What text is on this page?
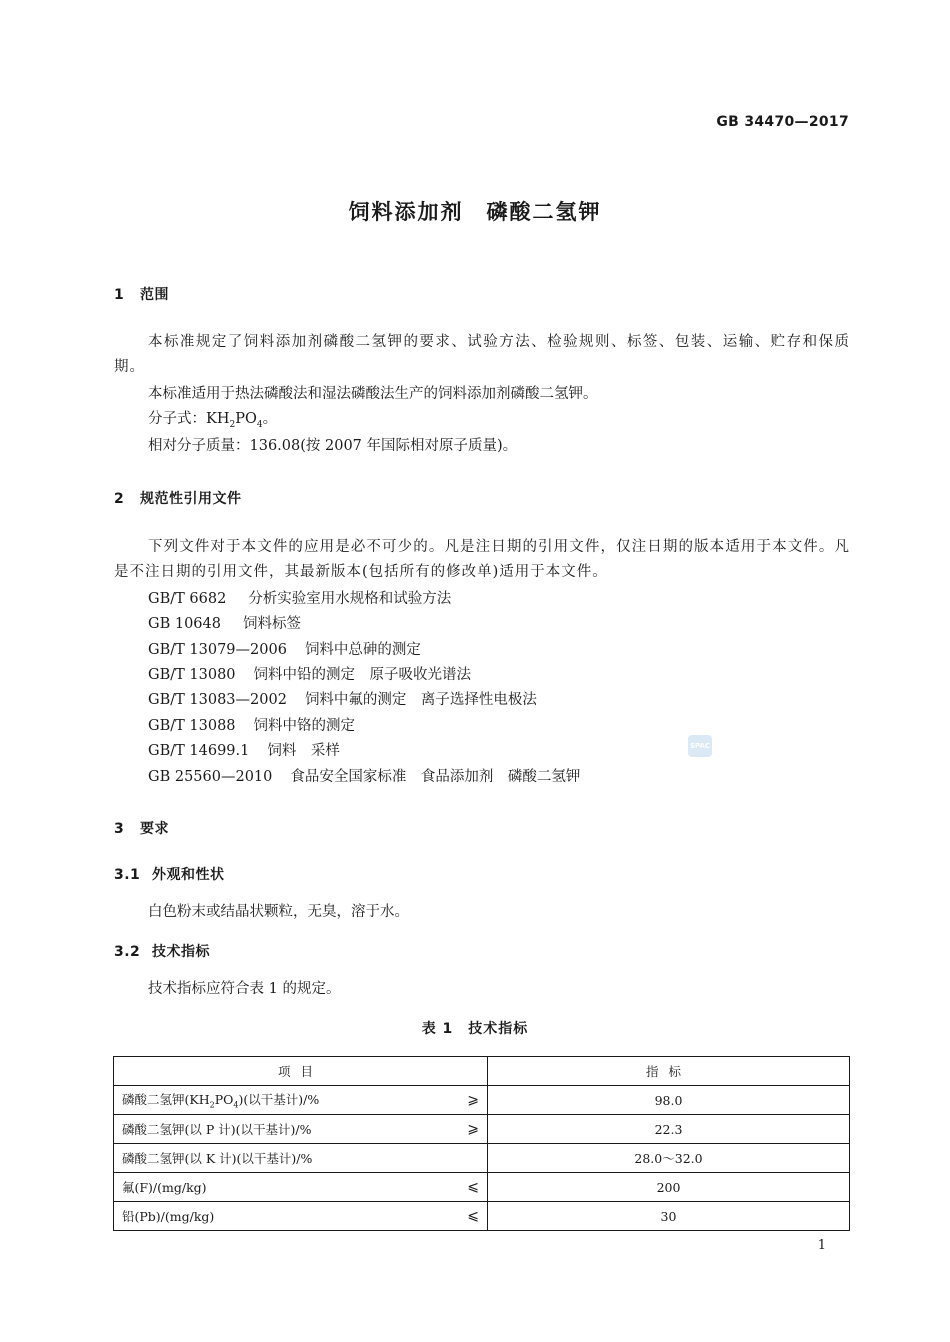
GB 34470—2017
饲料添加剂　磷酸二氢钾
1 范围
本标准规定了饲料添加剂磷酸二氢钾的要求、试验方法、检验规则、标签、包装、运输、贮存和保质期。
本标准适用于热法磷酸法和湿法磷酸法生产的饲料添加剂磷酸二氢钾。
分子式：$KH_2PO_4$。
相对分子质量：136.08(按 2007 年国际相对原子质量)。
2 规范性引用文件
下列文件对于本文件的应用是必不可少的。凡是注日期的引用文件，仅注日期的版本适用于本文件。凡是不注日期的引用文件，其最新版本(包括所有的修改单)适用于本文件。
GB/T 6682 分析实验室用水规格和试验方法
GB 10648 饲料标签
GB/T 13079—2006 饲料中总砷的测定
GB/T 13080 饲料中铅的测定　原子吸收光谱法
GB/T 13083—2002 饲料中氟的测定　离子选择性电极法
GB/T 13088 饲料中铬的测定
GB/T 14699.1 饲料　采样
GB 25560—2010 食品安全国家标准　食品添加剂　磷酸二氢钾
SPAC
3 要求
3.1 外观和性状
白色粉末或结晶状颗粒，无臭，溶于水。
3.2 技术指标
技术指标应符合表 1 的规定。
表 1　技术指标
项目		指标
磷酸二氢钾$(KH_2PO_4)$(以干基计)/%	⩾	98.0
磷酸二氢钾(以 P 计)(以干基计)/%	⩾	22.3
磷酸二氢钾(以 K 计)(以干基计)/%		28.0～32.0
氟(F)/(mg/kg)	⩽	200
铅(Pb)/(mg/kg)	⩽	30
1
